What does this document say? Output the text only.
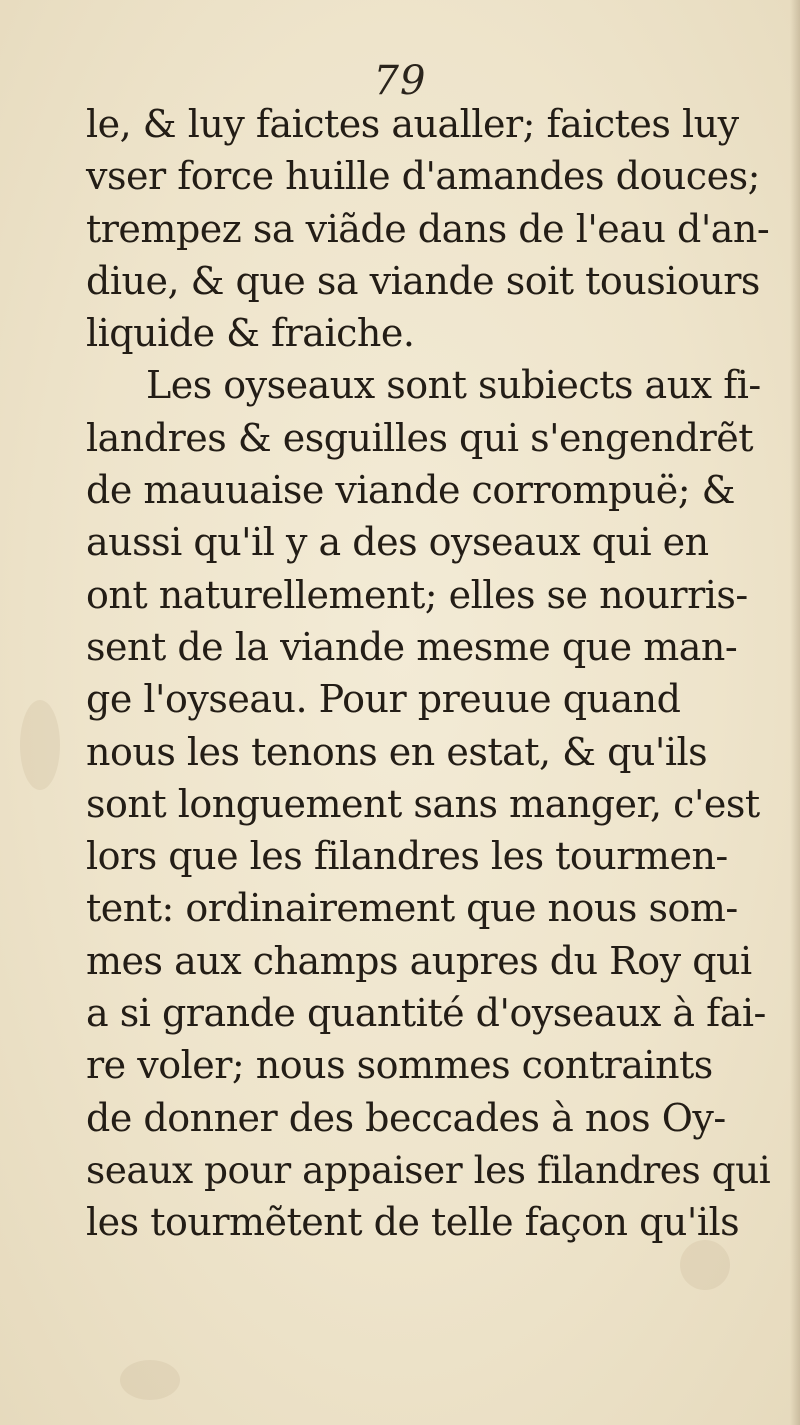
79
le, & luy faictes aualler; faictes luy
vser force huille d'amandes douces;
trempez sa viãde dans de l'eau d'an-
diue, & que sa viande soit tousiours
liquide & fraiche.
Les oyseaux sont subiects aux fi-
landres & esguilles qui s'engendrẽt
de mauuaise viande corrompuë; &
aussi qu'il y a des oyseaux qui en
ont naturellement; elles se nourris-
sent de la viande mesme que man-
ge l'oyseau. Pour preuue quand
nous les tenons en estat, & qu'ils
sont longuement sans manger, c'est
lors que les filandres les tourmen-
tent: ordinairement que nous som-
mes aux champs aupres du Roy qui
a si grande quantité d'oyseaux à fai-
re voler; nous sommes contraints
de donner des beccades à nos Oy-
seaux pour appaiser les filandres qui
les tourmẽtent de telle façon qu'ils
